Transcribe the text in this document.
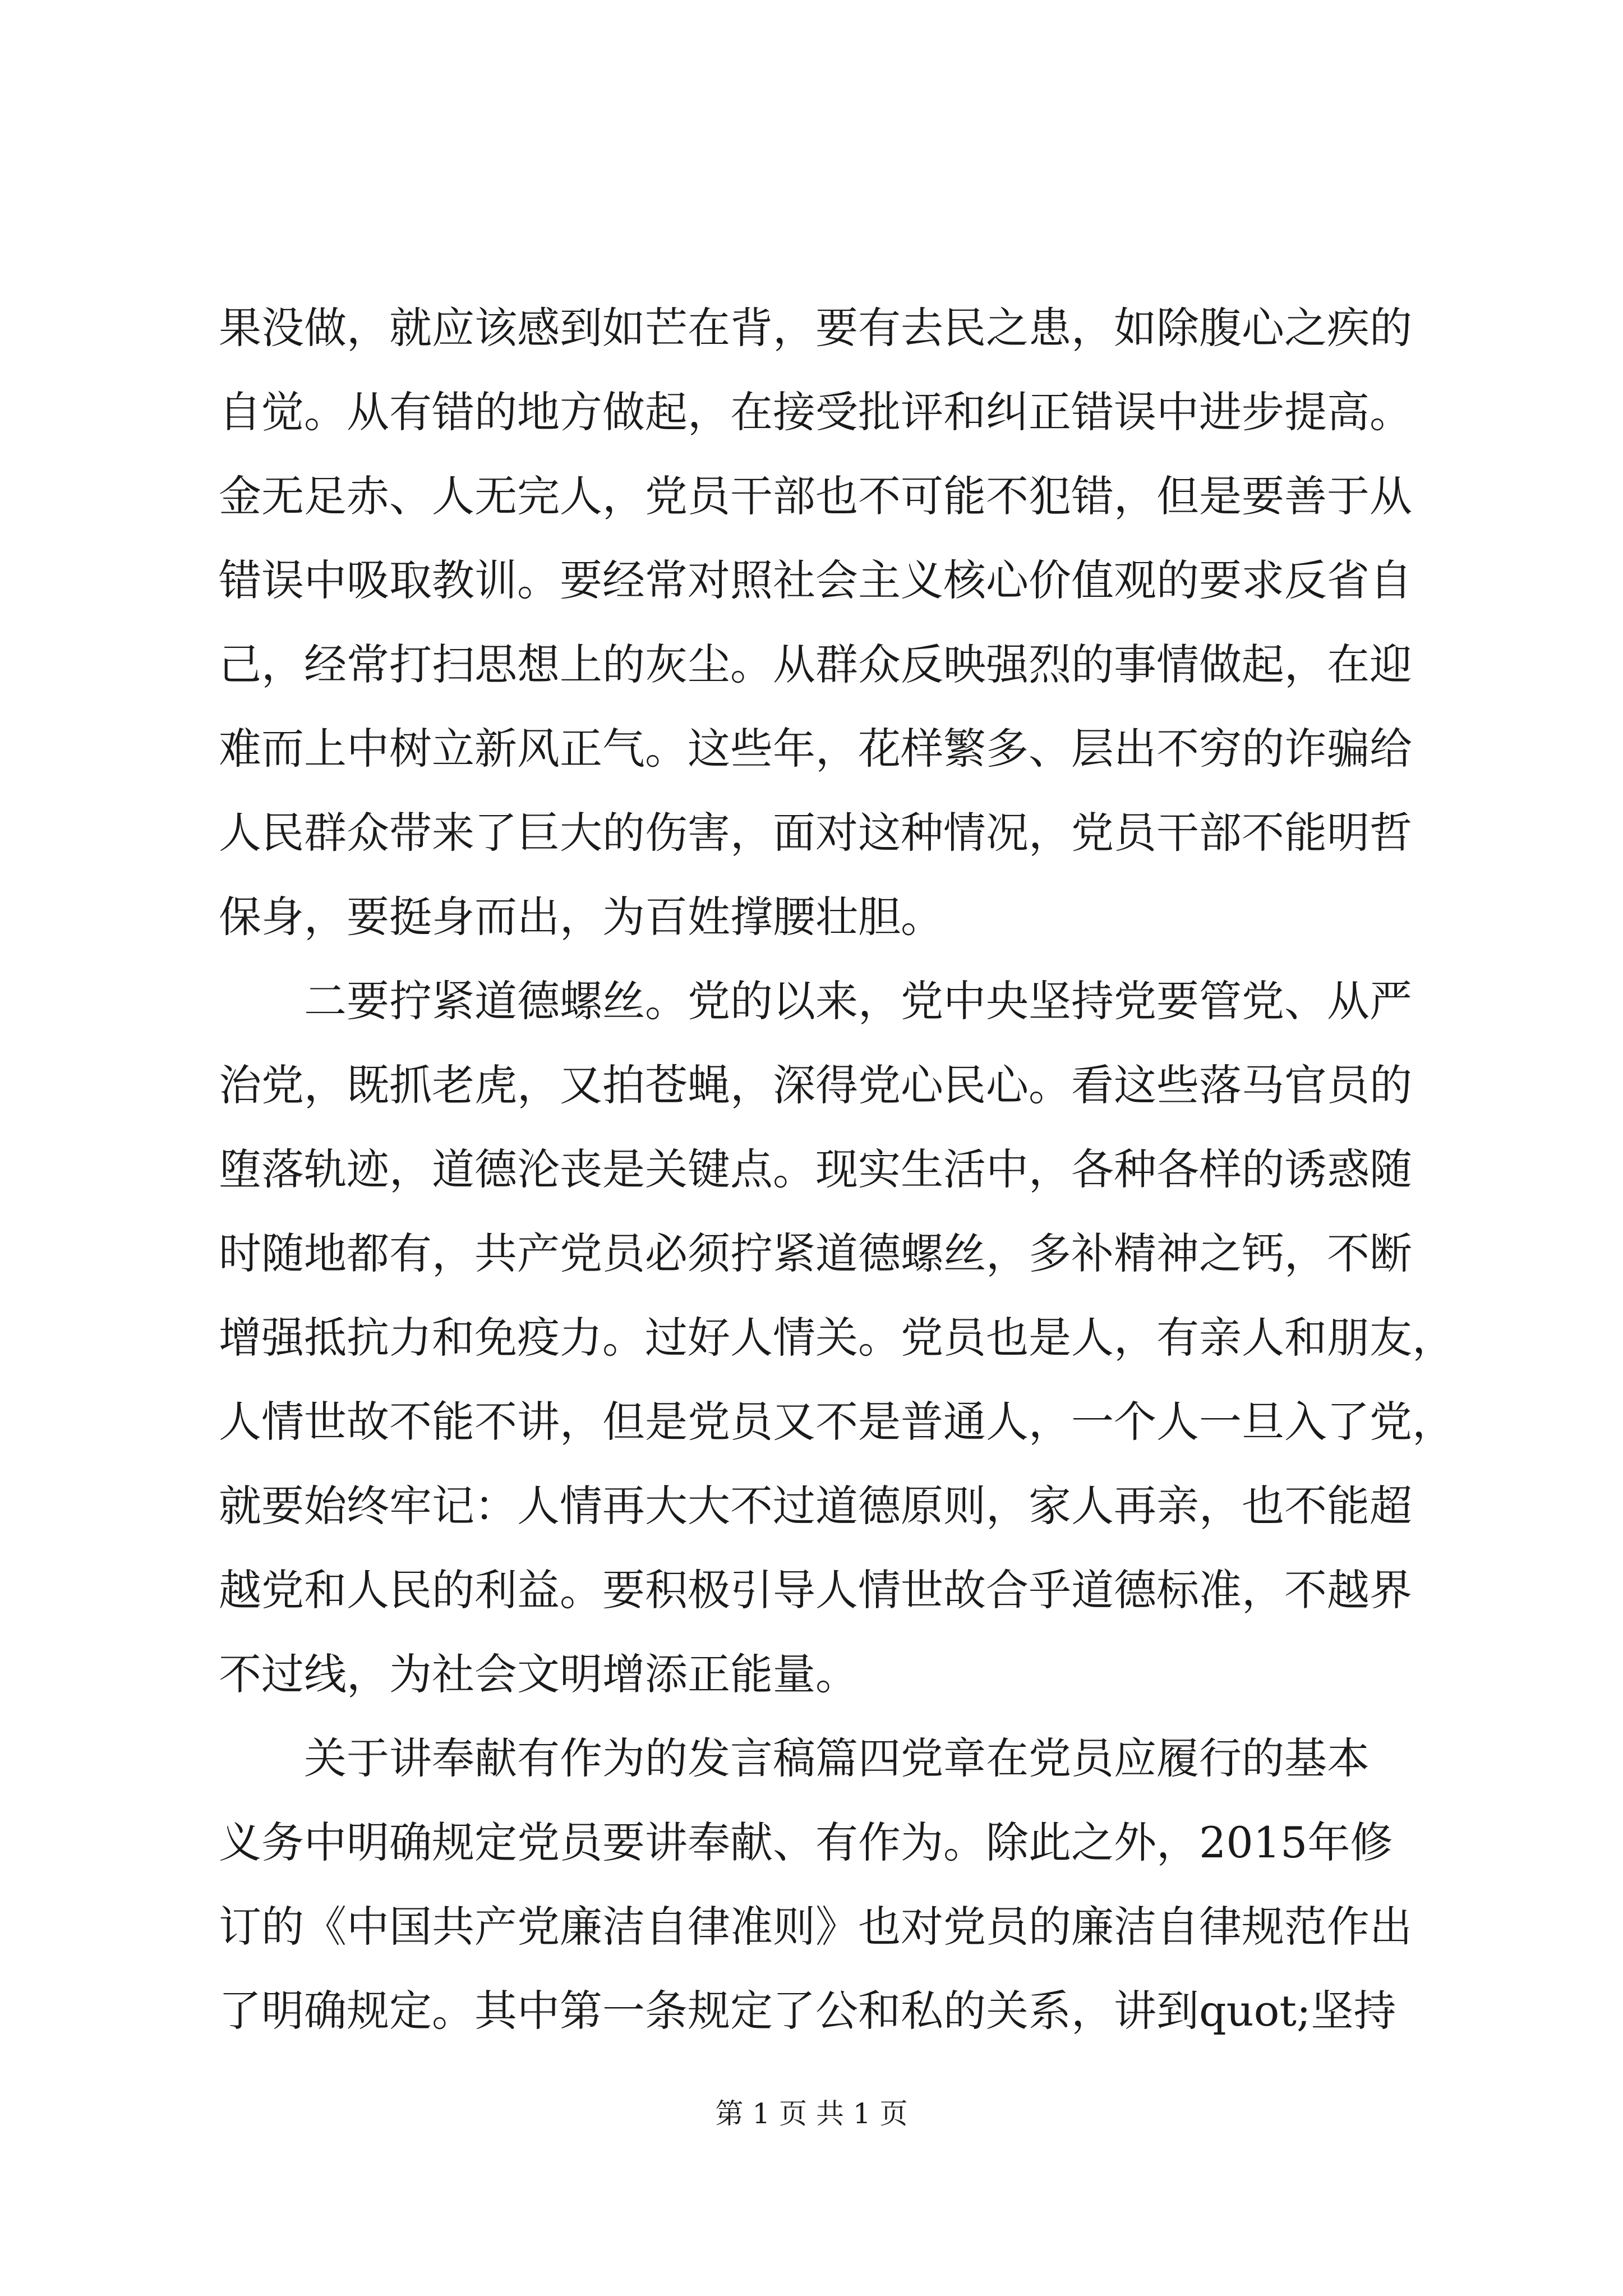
果没做，就应该感到如芒在背，要有去民之患，如除腹心之疾的
自觉。从有错的地方做起，在接受批评和纠正错误中进步提高。
金无足赤、人无完人，党员干部也不可能不犯错，但是要善于从
错误中吸取教训。要经常对照社会主义核心价值观的要求反省自
己，经常打扫思想上的灰尘。从群众反映强烈的事情做起，在迎
难而上中树立新风正气。这些年，花样繁多、层出不穷的诈骗给
人民群众带来了巨大的伤害，面对这种情况，党员干部不能明哲
保身，要挺身而出，为百姓撑腰壮胆。
　　二要拧紧道德螺丝。党的以来，党中央坚持党要管党、从严
治党，既抓老虎，又拍苍蝇，深得党心民心。看这些落马官员的
堕落轨迹，道德沦丧是关键点。现实生活中，各种各样的诱惑随
时随地都有，共产党员必须拧紧道德螺丝，多补精神之钙，不断
增强抵抗力和免疫力。过好人情关。党员也是人，有亲人和朋友，
人情世故不能不讲，但是党员又不是普通人，一个人一旦入了党，
就要始终牢记：人情再大大不过道德原则，家人再亲，也不能超
越党和人民的利益。要积极引导人情世故合乎道德标准，不越界
不过线，为社会文明增添正能量。
　　关于讲奉献有作为的发言稿篇四党章在党员应履行的基本
义务中明确规定党员要讲奉献、有作为。除此之外，2015年修
订的《中国共产党廉洁自律准则》也对党员的廉洁自律规范作出
了明确规定。其中第一条规定了公和私的关系，讲到quot;坚持
第 1 页 共 1 页
